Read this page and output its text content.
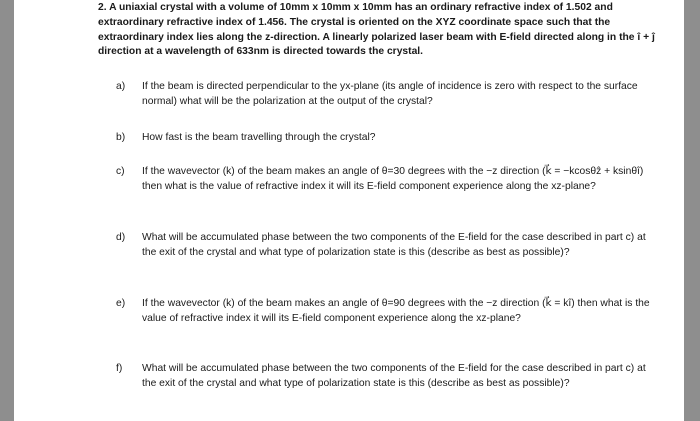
2. A uniaxial crystal with a volume of 10mm x 10mm x 10mm has an ordinary refractive index of 1.502 and extraordinary refractive index of 1.456. The crystal is oriented on the XYZ coordinate space such that the extraordinary index lies along the z-direction. A linearly polarized laser beam with E-field directed along in the î + ĵ direction at a wavelength of 633nm is directed towards the crystal.

a)	If the beam is directed perpendicular to the yx-plane (its angle of incidence is zero with respect to the surface normal) what will be the polarization at the output of the crystal?
b)	How fast is the beam travelling through the crystal?
c)	If the wavevector (k) of the beam makes an angle of θ=30 degrees with the −z direction (k⃗ = −kcosθẑ + ksinθî) then what is the value of refractive index it will its E-field component experience along the xz-plane?
d)	What will be accumulated phase between the two components of the E-field for the case described in part c) at the exit of the crystal and what type of polarization state is this (describe as best as possible)?
e)	If the wavevector (k) of the beam makes an angle of θ=90 degrees with the −z direction (k⃗ = kî) then what is the value of refractive index it will its E-field component experience along the xz-plane?
f)	What will be accumulated phase between the two components of the E-field for the case described in part c) at the exit of the crystal and what type of polarization state is this (describe as best as possible)?
